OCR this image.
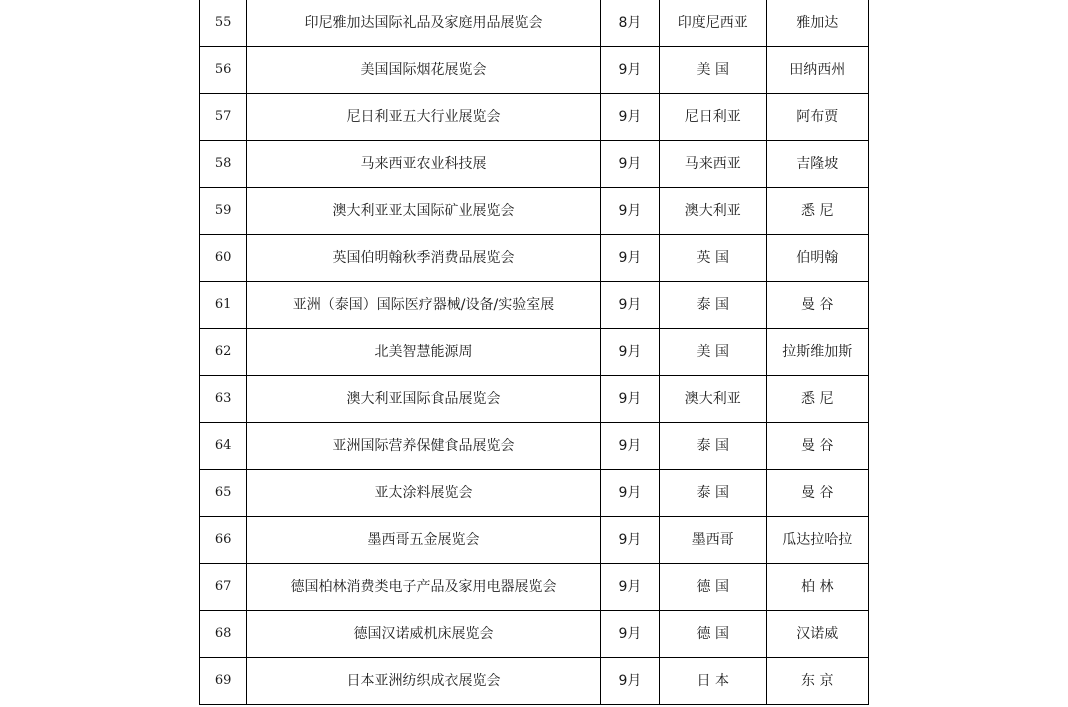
55	印尼雅加达国际礼品及家庭用品展览会	8月	印度尼西亚	雅加达
56	美国国际烟花展览会	9月	美 国	田纳西州
57	尼日利亚五大行业展览会	9月	尼日利亚	阿布贾
58	马来西亚农业科技展	9月	马来西亚	吉隆坡
59	澳大利亚亚太国际矿业展览会	9月	澳大利亚	悉 尼
60	英国伯明翰秋季消费品展览会	9月	英 国	伯明翰
61	亚洲（泰国）国际医疗器械/设备/实验室展	9月	泰 国	曼 谷
62	北美智慧能源周	9月	美 国	拉斯维加斯
63	澳大利亚国际食品展览会	9月	澳大利亚	悉 尼
64	亚洲国际营养保健食品展览会	9月	泰 国	曼 谷
65	亚太涂料展览会	9月	泰 国	曼 谷
66	墨西哥五金展览会	9月	墨西哥	瓜达拉哈拉
67	德国柏林消费类电子产品及家用电器展览会	9月	德 国	柏 林
68	德国汉诺威机床展览会	9月	德 国	汉诺威
69	日本亚洲纺织成衣展览会	9月	日 本	东 京
